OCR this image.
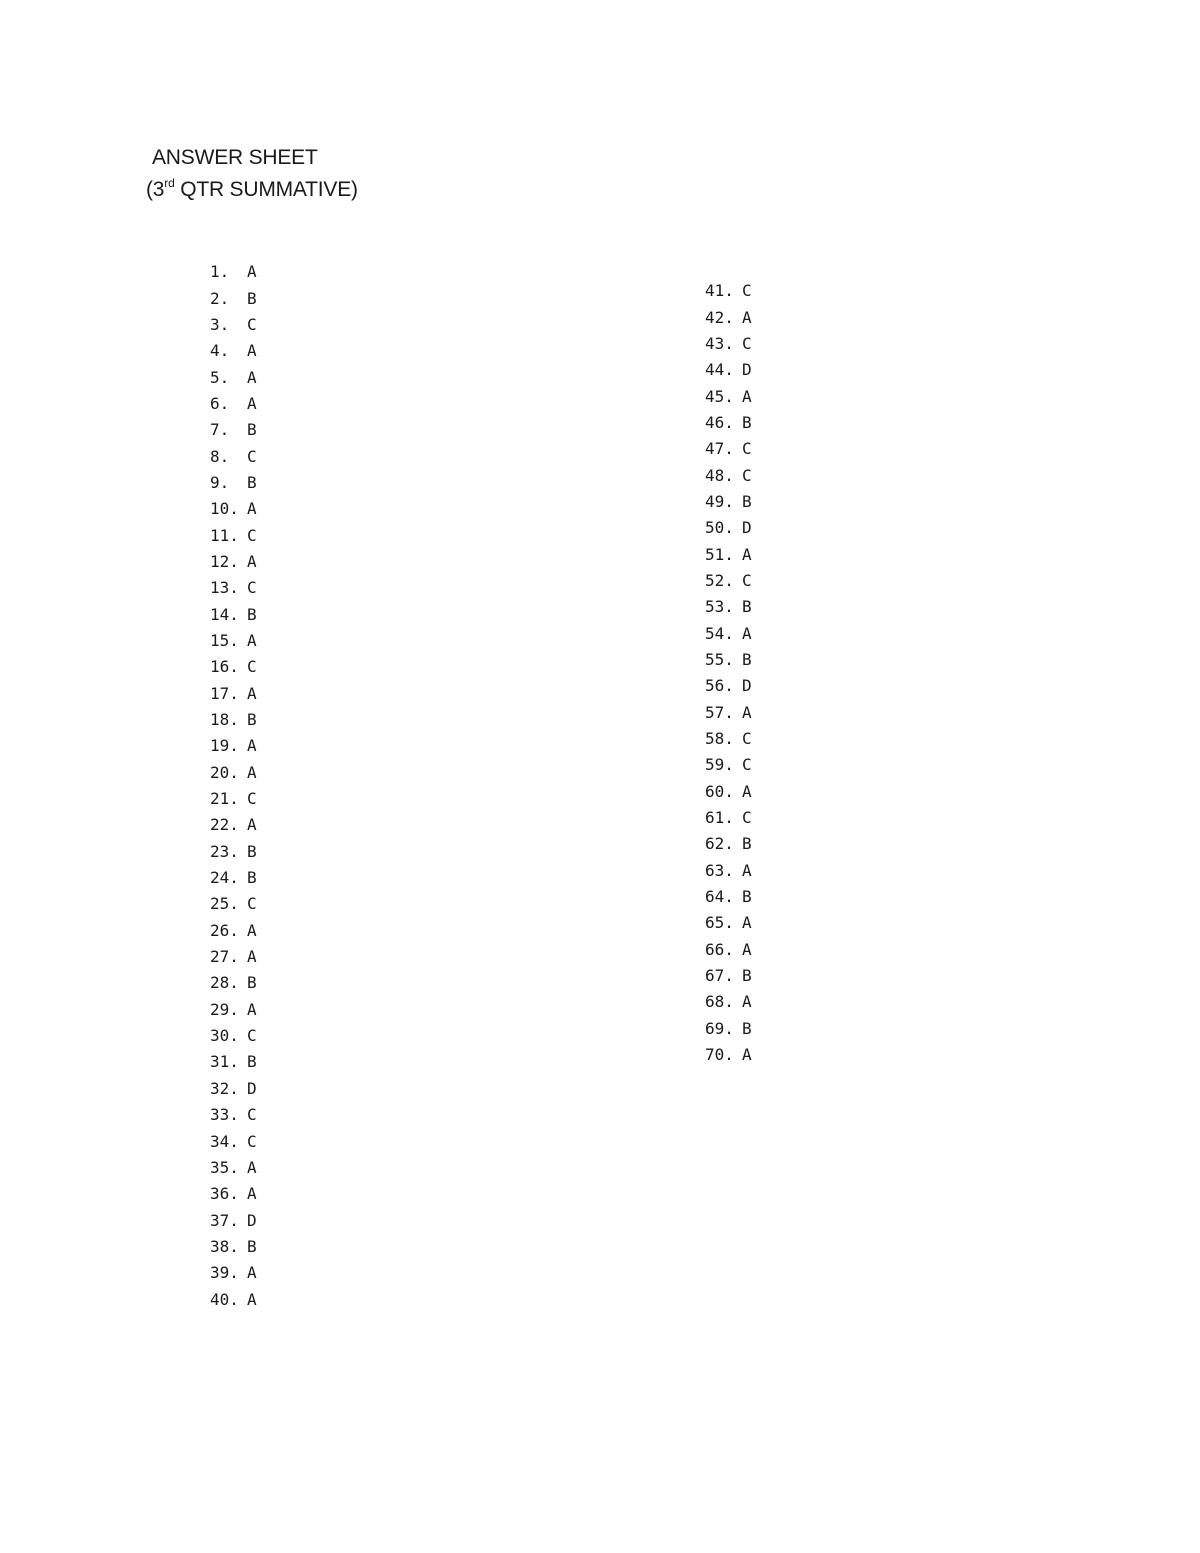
ANSWER SHEET
(3rd QTR SUMMATIVE)
1.	A
2.	B
3.	C
4.	A
5.	A
6.	A
7.	B
8.	C
9.	B
10. A
11. C
12. A
13. C
14. B
15. A
16. C
17. A
18. B
19. A
20. A
21. C
22. A
23. B
24. B
25. C
26. A
27. A
28. B
29. A
30. C
31. B
32. D
33. C
34. C
35. A
36. A
37. D
38. B
39. A
40. A
41. C
42. A
43. C
44. D
45. A
46. B
47. C
48. C
49. B
50. D
51. A
52. C
53. B
54. A
55. B
56. D
57. A
58. C
59. C
60. A
61. C
62. B
63. A
64. B
65. A
66. A
67. B
68. A
69. B
70. A
